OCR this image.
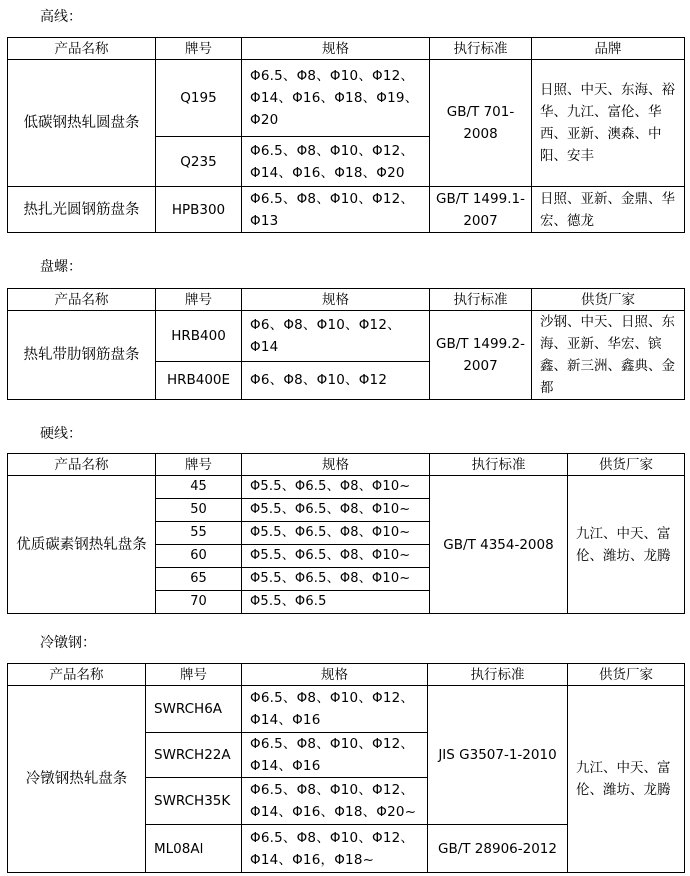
高线：
产品名称	牌号	规格	执行标准	品牌
低碳钢热轧圆盘条	Q195	Φ6.5、Φ8、Φ10、Φ12、Φ14、Φ16、Φ18、Φ19、Φ20	GB/T 701-2008	日照、中天、东海、裕华、九江、富伦、华西、亚新、澳森、中阳、安丰
	Q235	Φ6.5、Φ8、Φ10、Φ12、Φ14、Φ16、Φ18、Φ20		
热扎光圆钢筋盘条	HPB300	Φ6.5、Φ8、Φ10、Φ12、Φ13	GB/T 1499.1-2007	日照、亚新、金鼎、华宏、德龙
盘螺：
产品名称	牌号	规格	执行标准	供货厂家
热轧带肋钢筋盘条	HRB400	Φ6、Φ8、Φ10、Φ12、Φ14	GB/T 1499.2-2007	沙钢、中天、日照、东海、亚新、华宏、镔鑫、新三洲、鑫典、金都
	HRB400E	Φ6、Φ8、Φ10、Φ12		
硬线：
产品名称	牌号	规格	执行标准	供货厂家
优质碳素钢热轧盘条	45	Φ5.5、Φ6.5、Φ8、Φ10~	GB/T 4354-2008	九江、中天、富伦、潍坊、龙腾
	50	Φ5.5、Φ6.5、Φ8、Φ10~		
	55	Φ5.5、Φ6.5、Φ8、Φ10~		
	60	Φ5.5、Φ6.5、Φ8、Φ10~		
	65	Φ5.5、Φ6.5、Φ8、Φ10~		
	70	Φ5.5、Φ6.5		
冷镦钢：
产品名称	牌号	规格	执行标准	供货厂家
冷镦钢热轧盘条	SWRCH6A	Φ6.5、Φ8、Φ10、Φ12、Φ14、Φ16	JIS G3507-1-2010	九江、中天、富伦、潍坊、龙腾
	SWRCH22A	Φ6.5、Φ8、Φ10、Φ12、Φ14、Φ16		
	SWRCH35K	Φ6.5、Φ8、Φ10、Φ12、Φ14、Φ16、Φ18、Φ20~		
	ML08Al	Φ6.5、Φ8、Φ10、Φ12、Φ14、Φ16，Φ18~	GB/T 28906-2012	
